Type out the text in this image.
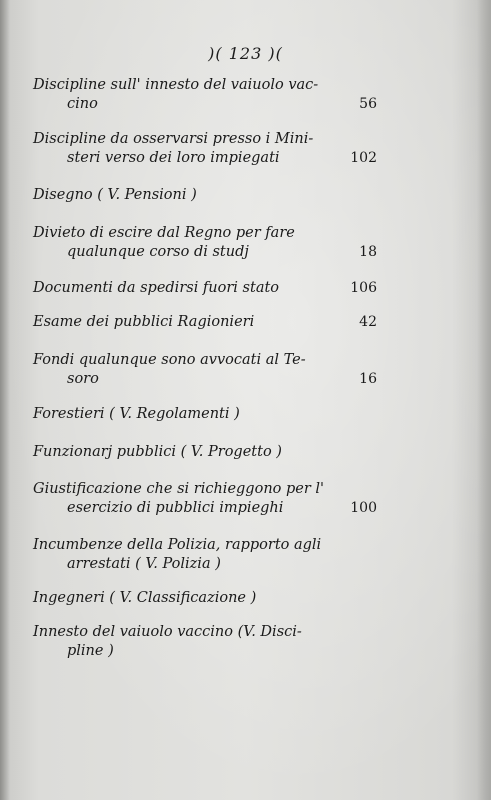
)( 123 )(
Discipline sull' innesto del vaiuolo vac-
cino	56
Discipline da osservarsi presso i Mini-
steri verso dei loro impiegati	102
Disegno ( V. Pensioni )
Divieto di escire dal Regno per fare
qualunque corso di studj	18
Documenti da spedirsi fuori stato	106
Esame dei pubblici Ragionieri	42
Fondi qualunque sono avvocati al Te-
soro	16
Forestieri ( V. Regolamenti )
Funzionarj pubblici ( V. Progetto )
Giustificazione che si richieggono per l'
esercizio di pubblici impieghi	100
Incumbenze della Polizia, rapporto agli
arrestati ( V. Polizia )
Ingegneri ( V. Classificazione )
Innesto del vaiuolo vaccino (V. Disci-
pline )
